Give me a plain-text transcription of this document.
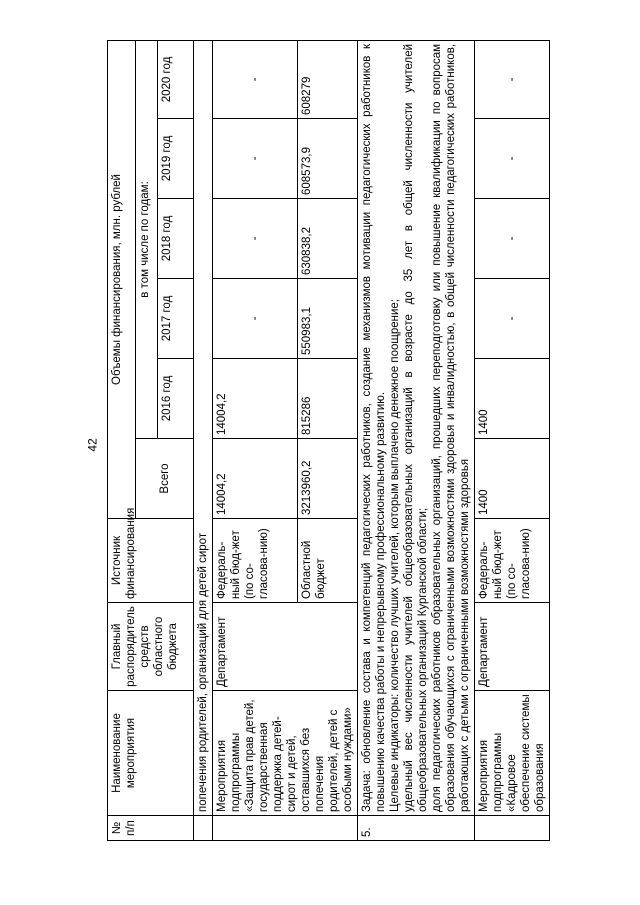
42
№ п/п	Наименование мероприятия	Главный распорядитель средств областного бюджета	Источник финансирования	Объемы финансирования, млн. рублей					
				Всего	в том числе по годам:				
					2016 год	2017 год	2018 год	2019 год	2020 год
	попечения родителей, организаций для детей сирот								
	Мероприятия подпрограммы «Защита прав детей, государственная поддержка детей-сирот и детей, оставшихся без попечения родителей, детей с особыми нуждами»	Департамент	Федераль-ный бюд-жет (по со-гласова-нию)	14004,2	14004,2	-	-	-	-
			Областной бюджет	3213960,2	815286	550983,1	630838,2	608573,9	608279
5.	Задача: обновление состава и компетенций педагогических работников, создание механизмов мотивации педагогических работников к повышению качества работы и непрерывному профессиональному развитию. Целевые индикаторы: количество лучших учителей, которым выплачено денежное поощрение; удельный вес численности учителей общеобразовательных организаций в возрасте до 35 лет в общей численности учителей общеобразовательных организаций Курганской области; доля педагогических работников образовательных организаций, прошедших переподготовку или повышение квалификации по вопросам образования обучающихся с ограниченными возможностями здоровья и инвалидностью, в общей численности педагогических работников, работающих с детьми с ограниченными возможностями здоровья								

	Мероприятия подпрограммы «Кадровое обеспечение системы образования	Департамент	Федераль-ный бюд-жет (по со-гласова-нию)	1400	1400	-	-	-	-
